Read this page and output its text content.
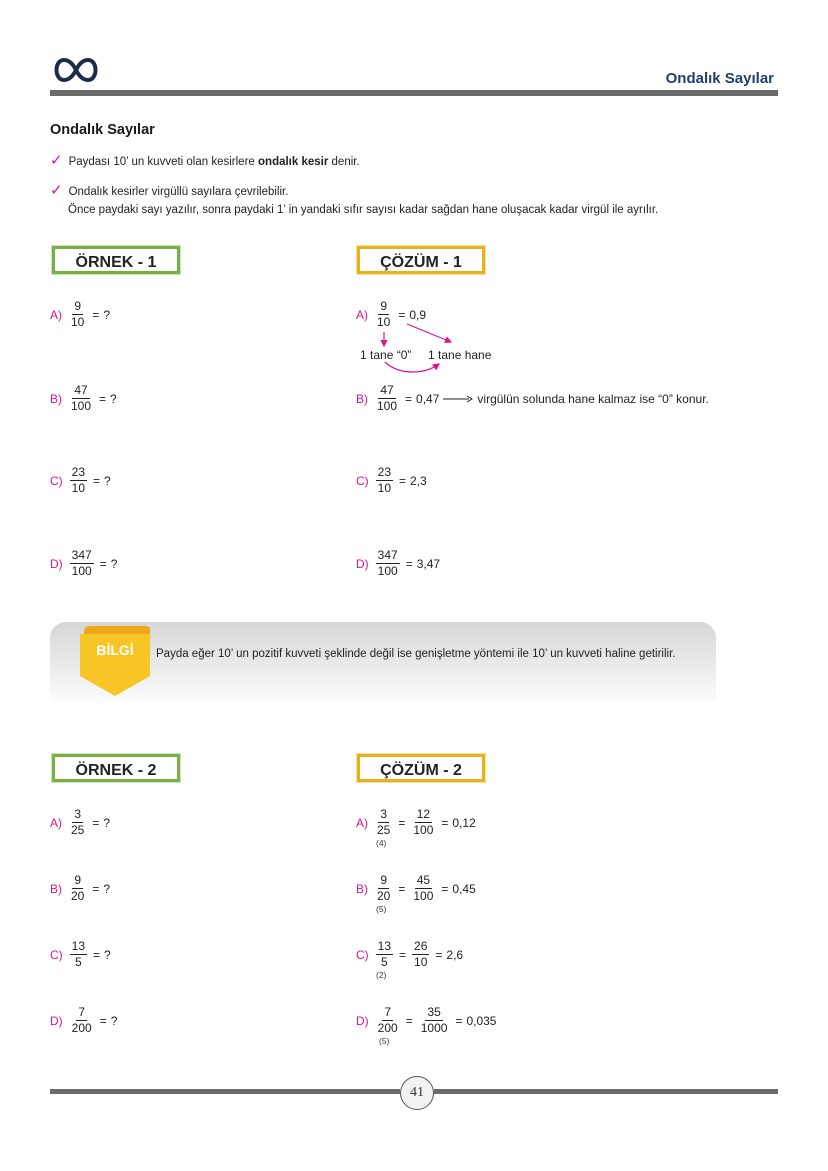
Ondalık Sayılar
Ondalık Sayılar
✓ Paydası 10’ un kuvveti olan kesirlere ondalık kesir denir.
✓ Ondalık kesirler virgüllü sayılara çevrilebilir.
Önce paydaki sayı yazılır, sonra paydaki 1’ in yandaki sıfır sayısı kadar sağdan hane oluşacak kadar virgül ile ayrılır.
ÖRNEK - 1	ÇÖZÜM - 1
$A) \frac{9}{10}$ = ?
$B) \frac{47}{100}$ = ?
$C) \frac{23}{10}$ = ?
$D) \frac{347}{100}$ = ?
$A) \frac{9}{10} = 0,9$
1 tane “0” 1 tane hane
$B) \frac{47}{100} = 0,47$	virgülün solunda hane kalmaz ise “0” konur.
$C) \frac{23}{10} = 2,3$
$D) \frac{347}{100} = 3,47$
BİLGİ	Payda eğer 10’ un pozitif kuvveti şeklinde değil ise genişletme yöntemi ile 10’ un kuvveti haline getirilir.
ÖRNEK - 2	ÇÖZÜM - 2
$A) \frac{3}{25}$ = ?
$B) \frac{9}{20}$ = ?
$C) \frac{13}{5}$ = ?
$D) \frac{7}{200}$ = ?
$A) \frac{3}{25} = \frac{12}{100} = 0,12$
(4)
$B) \frac{9}{20} = \frac{45}{100} = 0,45$
(5)
$C) \frac{13}{5} = \frac{26}{10} = 2,6$
(2)
$D) \frac{7}{200} = \frac{35}{1000} = 0,035$
(5)
41
